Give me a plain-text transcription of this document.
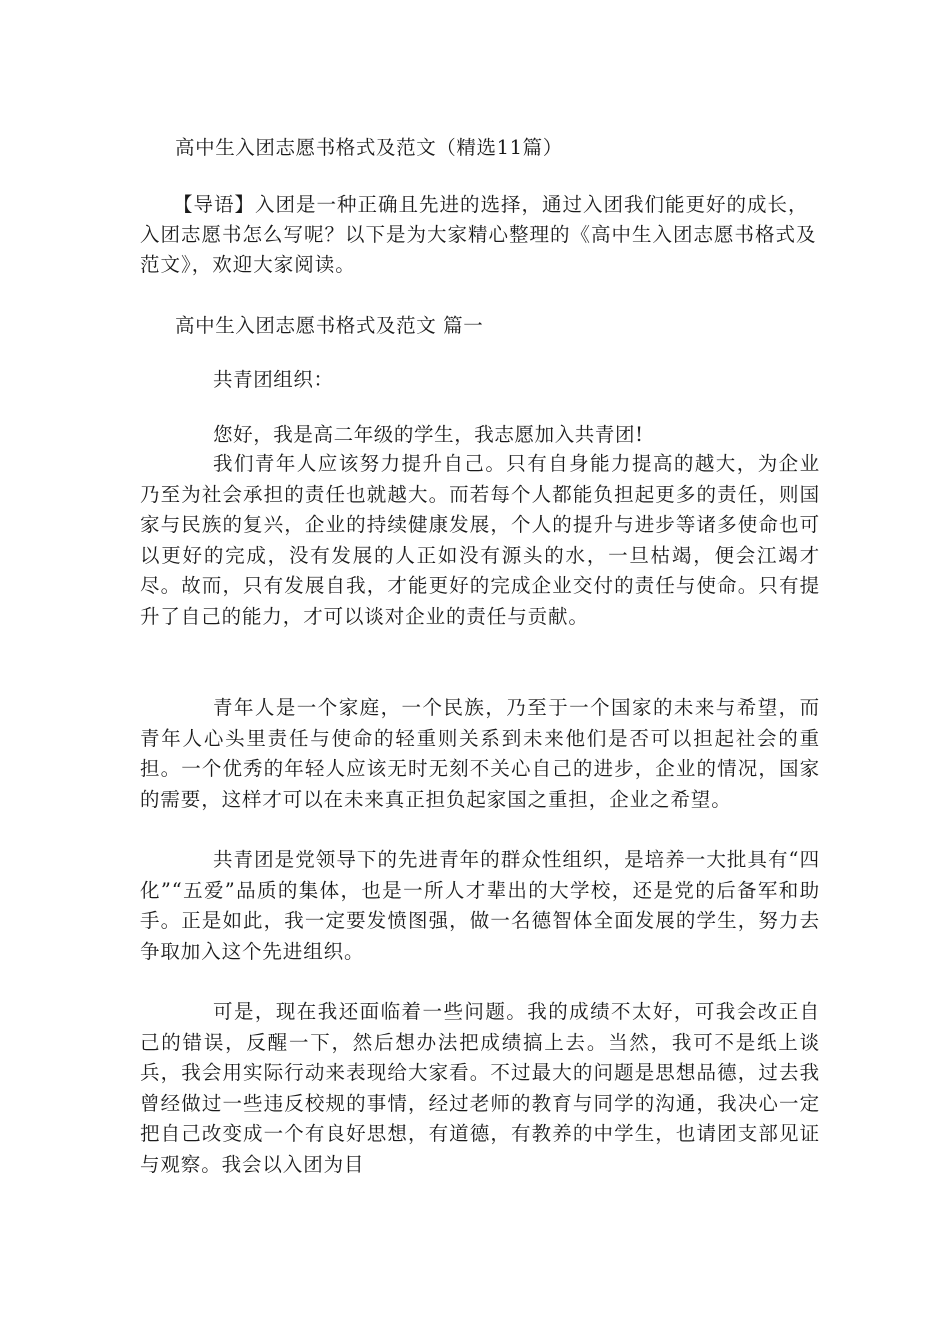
高中生入团志愿书格式及范文（精选11篇）
【导语】入团是一种正确且先进的选择，通过入团我们能更好的成长，入团志愿书怎么写呢？以下是为大家精心整理的《高中生入团志愿书格式及范文》，欢迎大家阅读。
高中生入团志愿书格式及范文 篇一
共青团组织：
您好，我是高二年级的学生，我志愿加入共青团!
我们青年人应该努力提升自己。只有自身能力提高的越大，为企业乃至为社会承担的责任也就越大。而若每个人都能负担起更多的责任，则国家与民族的复兴，企业的持续健康发展，个人的提升与进步等诸多使命也可以更好的完成，没有发展的人正如没有源头的水，一旦枯竭，便会江竭才尽。故而，只有发展自我，才能更好的完成企业交付的责任与使命。只有提升了自己的能力，才可以谈对企业的责任与贡献。
青年人是一个家庭，一个民族，乃至于一个国家的未来与希望，而青年人心头里责任与使命的轻重则关系到未来他们是否可以担起社会的重担。一个优秀的年轻人应该无时无刻不关心自己的进步，企业的情况，国家的需要，这样才可以在未来真正担负起家国之重担，企业之希望。
共青团是党领导下的先进青年的群众性组织，是培养一大批具有“四化”“五爱”品质的集体，也是一所人才辈出的大学校，还是党的后备军和助手。正是如此，我一定要发愤图强，做一名德智体全面发展的学生，努力去争取加入这个先进组织。
可是，现在我还面临着一些问题。我的成绩不太好，可我会改正自己的错误，反醒一下，然后想办法把成绩搞上去。当然，我可不是纸上谈兵，我会用实际行动来表现给大家看。不过最大的问题是思想品德，过去我曾经做过一些违反校规的事情，经过老师的教育与同学的沟通，我决心一定把自己改变成一个有良好思想，有道德，有教养的中学生，也请团支部见证与观察。我会以入团为目
